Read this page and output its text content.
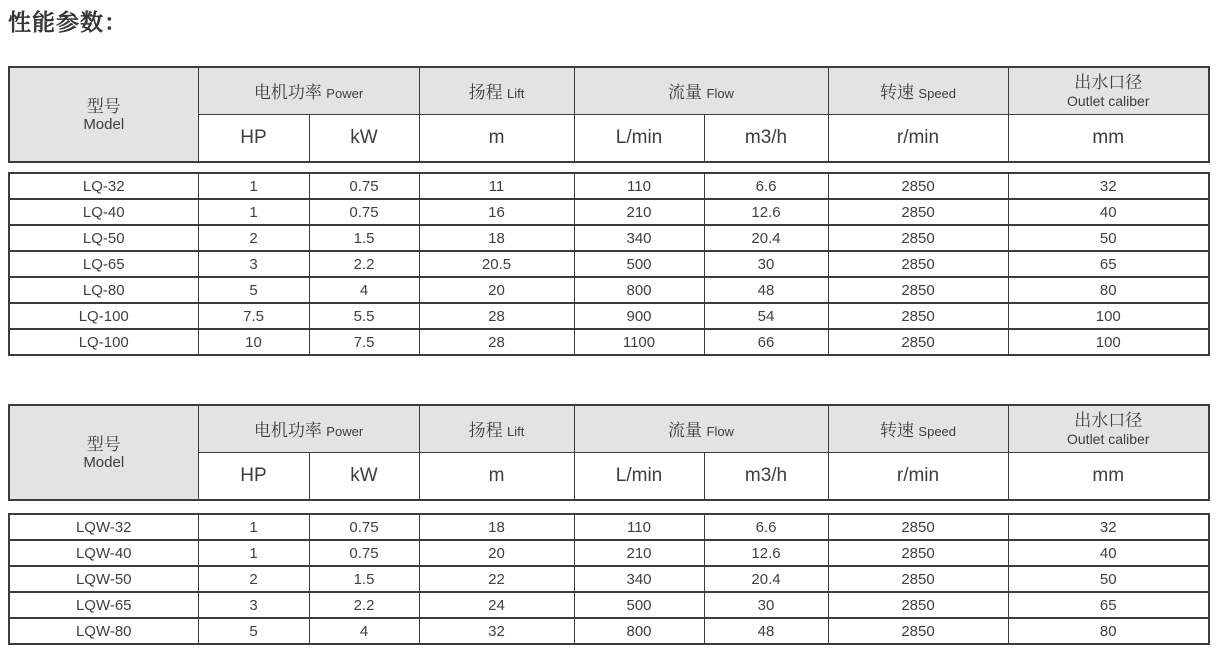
性能参数：
型号
Model	电机功率 Power		扬程 Lift	流量 Flow		转速 Speed	出水口径
Outlet caliber

	HP	kW	m	L/min	m3/h	r/min	mm
LQ-32	1	0.75	11	110	6.6	2850	32
LQ-40	1	0.75	16	210	12.6	2850	40
LQ-50	2	1.5	18	340	20.4	2850	50
LQ-65	3	2.2	20.5	500	30	2850	65
LQ-80	5	4	20	800	48	2850	80
LQ-100	7.5	5.5	28	900	54	2850	100
LQ-100	10	7.5	28	1100	66	2850	100
型号
Model	电机功率 Power		扬程 Lift	流量 Flow		转速 Speed	出水口径
Outlet caliber

	HP	kW	m	L/min	m3/h	r/min	mm
LQW-32	1	0.75	18	110	6.6	2850	32
LQW-40	1	0.75	20	210	12.6	2850	40
LQW-50	2	1.5	22	340	20.4	2850	50
LQW-65	3	2.2	24	500	30	2850	65
LQW-80	5	4	32	800	48	2850	80
